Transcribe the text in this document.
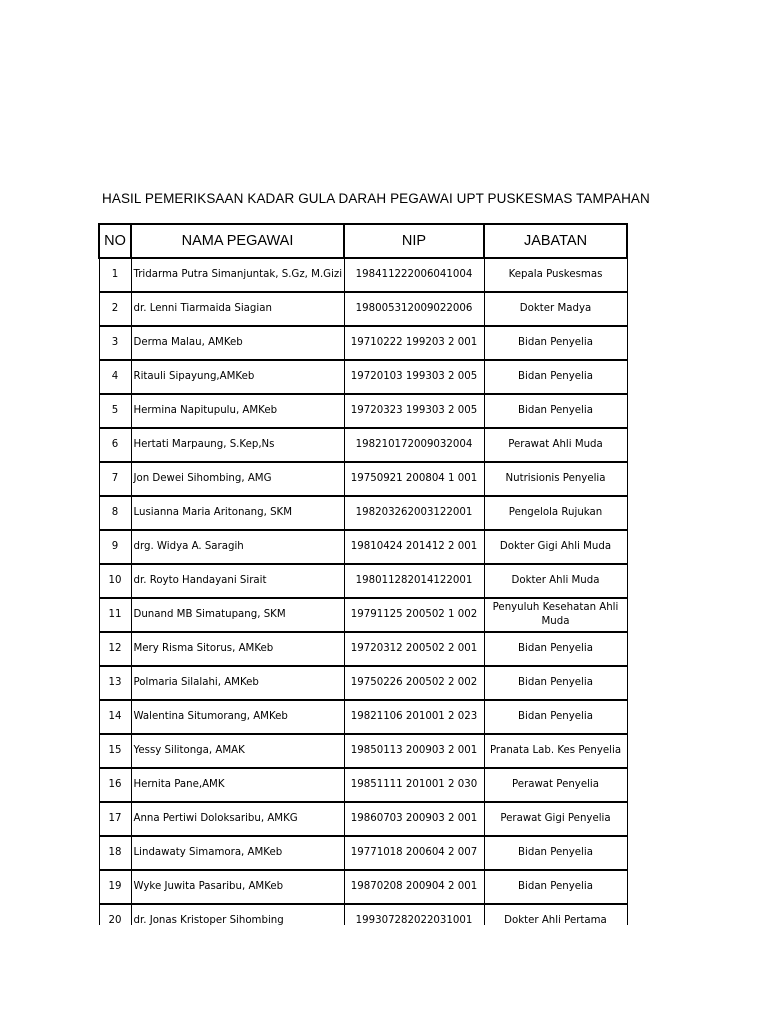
HASIL PEMERIKSAAN KADAR GULA DARAH PEGAWAI UPT PUSKESMAS TAMPAHAN
NO	NAMA PEGAWAI	NIP	JABATAN
1	Tridarma Putra Simanjuntak, S.Gz, M.Gizi	198411222006041004	Kepala Puskesmas
2	dr. Lenni Tiarmaida Siagian	198005312009022006	Dokter Madya
3	Derma Malau, AMKeb	19710222 199203 2 001	Bidan Penyelia
4	Ritauli Sipayung,AMKeb	19720103 199303 2 005	Bidan Penyelia
5	Hermina Napitupulu, AMKeb	19720323 199303 2 005	Bidan Penyelia
6	Hertati Marpaung, S.Kep,Ns	198210172009032004	Perawat Ahli Muda
7	Jon Dewei Sihombing, AMG	19750921 200804 1 001	Nutrisionis Penyelia
8	Lusianna Maria Aritonang, SKM	198203262003122001	Pengelola Rujukan
9	drg. Widya A. Saragih	19810424 201412 2 001	Dokter Gigi Ahli Muda
10	dr. Royto Handayani Sirait	198011282014122001	Dokter Ahli Muda
11	Dunand MB Simatupang, SKM	19791125 200502 1 002	Penyuluh Kesehatan Ahli Muda
12	Mery Risma Sitorus, AMKeb	19720312 200502 2 001	Bidan Penyelia
13	Polmaria Silalahi, AMKeb	19750226 200502 2 002	Bidan Penyelia
14	Walentina Situmorang, AMKeb	19821106 201001 2 023	Bidan Penyelia
15	Yessy Silitonga, AMAK	19850113 200903 2 001	Pranata Lab. Kes Penyelia
16	Hernita Pane,AMK	19851111 201001 2 030	Perawat Penyelia
17	Anna Pertiwi Doloksaribu, AMKG	19860703 200903 2 001	Perawat Gigi Penyelia
18	Lindawaty Simamora, AMKeb	19771018 200604 2 007	Bidan Penyelia
19	Wyke Juwita Pasaribu, AMKeb	19870208 200904 2 001	Bidan Penyelia
20	dr. Jonas Kristoper Sihombing	199307282022031001	Dokter Ahli Pertama
